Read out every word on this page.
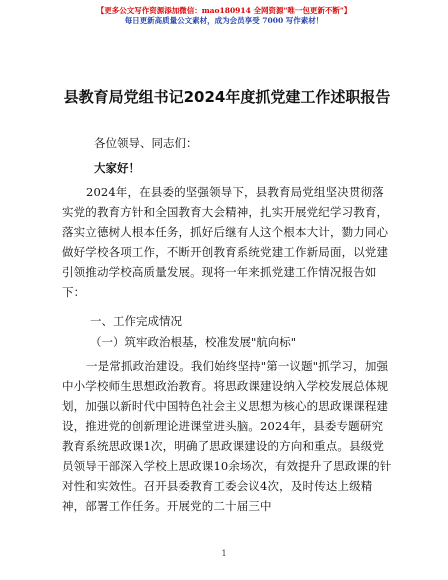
【更多公文写作资源添加微信：mao180914 全网资源"唯一包更新不断"】
每日更新高质量公文素材，成为会员享受 7000 写作素材！
县教育局党组书记2024年度抓党建工作述职报告

各位领导、同志们：

大家好！

2024年，在县委的坚强领导下，县教育局党组坚决贯彻落实党的教育方针和全国教育大会精神，扎实开展党纪学习教育，落实立德树人根本任务，抓好后继有人这个根本大计，勠力同心做好学校各项工作，不断开创教育系统党建工作新局面，以党建引领推动学校高质量发展。现将一年来抓党建工作情况报告如下：

一、工作完成情况

（一）筑牢政治根基，校准发展"航向标"

一是常抓政治建设。我们始终坚持"第一议题"抓学习，加强中小学校师生思想政治教育。将思政课建设纳入学校发展总体规划，加强以新时代中国特色社会主义思想为核心的思政课课程建设，推进党的创新理论进课堂进头脑。2024年，县委专题研究教育系统思政课1次，明确了思政课建设的方向和重点。县级党员领导干部深入学校上思政课10余场次，有效提升了思政课的针对性和实效性。召开县委教育工委会议4次，及时传达上级精神，部署工作任务。开展党的二十届三中

1
